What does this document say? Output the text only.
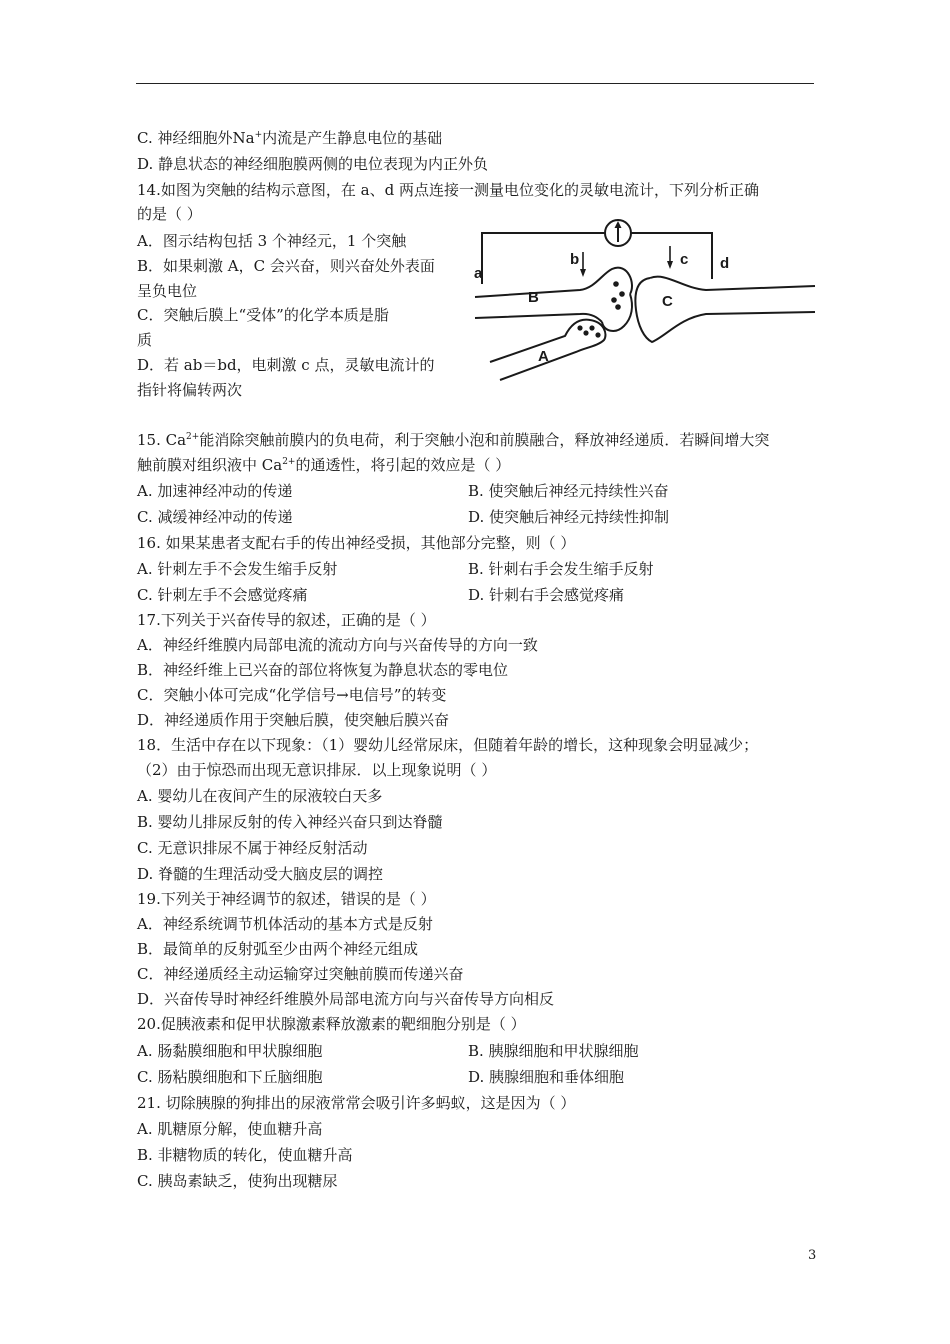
C. 神经细胞外Na+内流是产生静息电位的基础
D. 静息状态的神经细胞膜两侧的电位表现为内正外负
14.如图为突触的结构示意图，在 a、d 两点连接一测量电位变化的灵敏电流计，下列分析正确
的是（ ）
A．图示结构包括 3 个神经元，1 个突触
B．如果刺激 A，C 会兴奋，则兴奋处外表面
呈负电位
C．突触后膜上“受体”的化学本质是脂
质
D．若 ab＝bd，电刺激 c 点，灵敏电流计的
指针将偏转两次
a
b	c d
B	C
A
15. $Ca^{2+}$能消除突触前膜内的负电荷，利于突触小泡和前膜融合，释放神经递质．若瞬间增大突
触前膜对组织液中 $Ca^{2+}$的通透性，将引起的效应是（ ）
A. 加速神经冲动的传递	B. 使突触后神经元持续性兴奋
C. 减缓神经冲动的传递	D. 使突触后神经元持续性抑制
16. 如果某患者支配右手的传出神经受损，其他部分完整，则（ ）
A. 针刺左手不会发生缩手反射	B. 针刺右手会发生缩手反射
C. 针刺左手不会感觉疼痛	D. 针刺右手会感觉疼痛
17.下列关于兴奋传导的叙述，正确的是（ ）
A．神经纤维膜内局部电流的流动方向与兴奋传导的方向一致
B．神经纤维上已兴奋的部位将恢复为静息状态的零电位
C．突触小体可完成“化学信号→电信号”的转变
D．神经递质作用于突触后膜，使突触后膜兴奋
18．生活中存在以下现象：（1）婴幼儿经常尿床，但随着年龄的增长，这种现象会明显减少；
（2）由于惊恐而出现无意识排尿．以上现象说明（ ）
A. 婴幼儿在夜间产生的尿液较白天多
B. 婴幼儿排尿反射的传入神经兴奋只到达脊髓
C. 无意识排尿不属于神经反射活动
D. 脊髓的生理活动受大脑皮层的调控
19.下列关于神经调节的叙述，错误的是（ ）
A．神经系统调节机体活动的基本方式是反射
B．最简单的反射弧至少由两个神经元组成
C．神经递质经主动运输穿过突触前膜而传递兴奋
D．兴奋传导时神经纤维膜外局部电流方向与兴奋传导方向相反
20.促胰液素和促甲状腺激素释放激素的靶细胞分别是（ ）
A. 肠黏膜细胞和甲状腺细胞	B. 胰腺细胞和甲状腺细胞
C. 肠粘膜细胞和下丘脑细胞	D. 胰腺细胞和垂体细胞
21. 切除胰腺的狗排出的尿液常常会吸引许多蚂蚁，这是因为（ ）
A. 肌糖原分解，使血糖升高
B. 非糖物质的转化，使血糖升高
C. 胰岛素缺乏，使狗出现糖尿
3
